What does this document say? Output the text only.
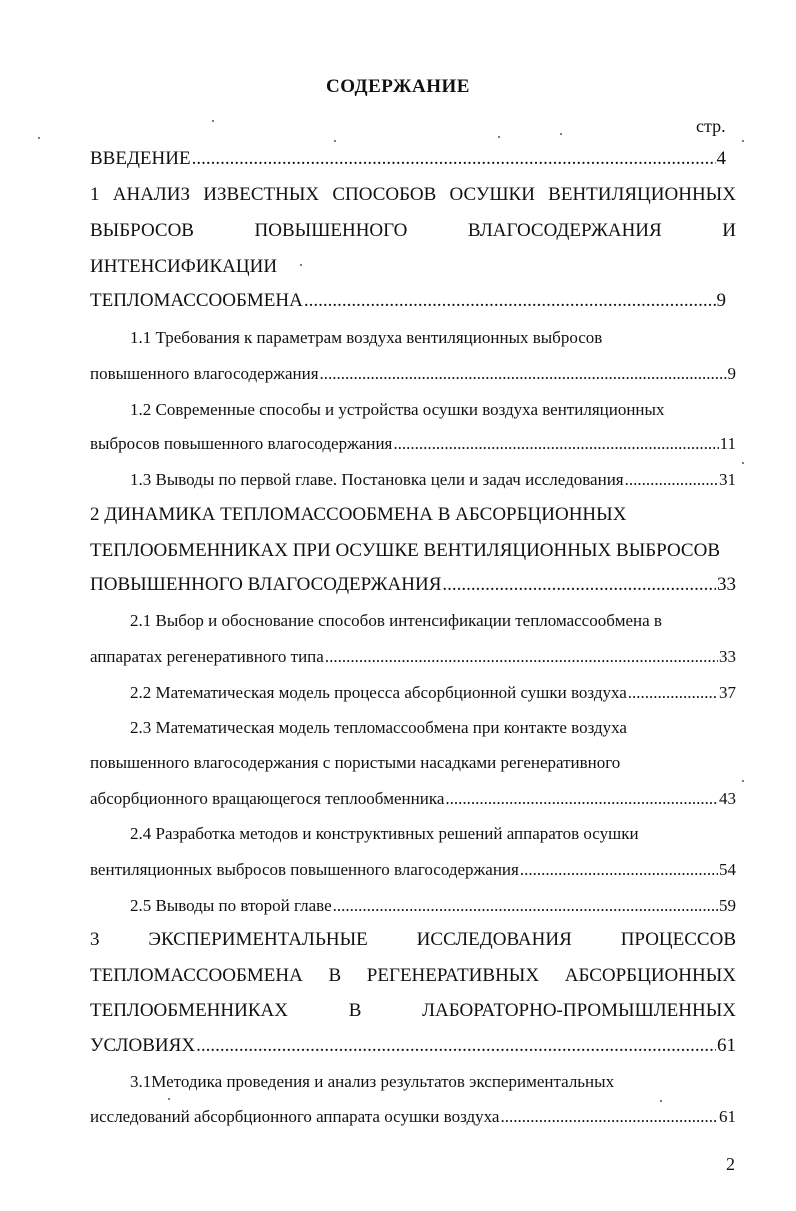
СОДЕРЖАНИЕ
стр.
ВВЕДЕНИЕ .....	4
1 АНАЛИЗ ИЗВЕСТНЫХ СПОСОБОВ ОСУШКИ ВЕНТИЛЯЦИОННЫХ
ВЫБРОСОВ	ПОВЫШЕННОГО	ВЛАГОСОДЕРЖАНИЯ	И
ИНТЕНСИФИКАЦИИ
ТЕПЛОМАССООБМЕНА .....	9
1.1 Требования к параметрам воздуха вентиляционных выбросов
повышенного влагосодержания .....	9
1.2 Современные способы и устройства осушки воздуха вентиляционных
выбросов повышенного влагосодержания .....	11
1.3 Выводы по первой главе. Постановка цели и задач исследования .....	31
2 ДИНАМИКА ТЕПЛОМАССООБМЕНА В АБСОРБЦИОННЫХ
ТЕПЛООБМЕННИКАХ ПРИ ОСУШКЕ ВЕНТИЛЯЦИОННЫХ ВЫБРОСОВ
ПОВЫШЕННОГО ВЛАГОСОДЕРЖАНИЯ .....	33
2.1 Выбор и обоснование способов интенсификации тепломассообмена в
аппаратах регенеративного типа .....	33
2.2 Математическая модель процесса абсорбционной сушки воздуха .....	37
2.3 Математическая модель тепломассообмена при контакте воздуха
повышенного влагосодержания с пористыми насадками регенеративного
абсорбционного вращающегося теплообменника .....	43
2.4 Разработка методов и конструктивных решений аппаратов осушки
вентиляционных выбросов повышенного влагосодержания .....	54
2.5 Выводы по второй главе .....	59
3	ЭКСПЕРИМЕНТАЛЬНЫЕ	ИССЛЕДОВАНИЯ	ПРОЦЕССОВ
ТЕПЛОМАССООБМЕНА В РЕГЕНЕРАТИВНЫХ АБСОРБЦИОННЫХ
ТЕПЛООБМЕННИКАХ	В	ЛАБОРАТОРНО-ПРОМЫШЛЕННЫХ
УСЛОВИЯХ .....	61
3.1Методика проведения и анализ результатов экспериментальных
исследований абсорбционного аппарата осушки воздуха .....	61
2
